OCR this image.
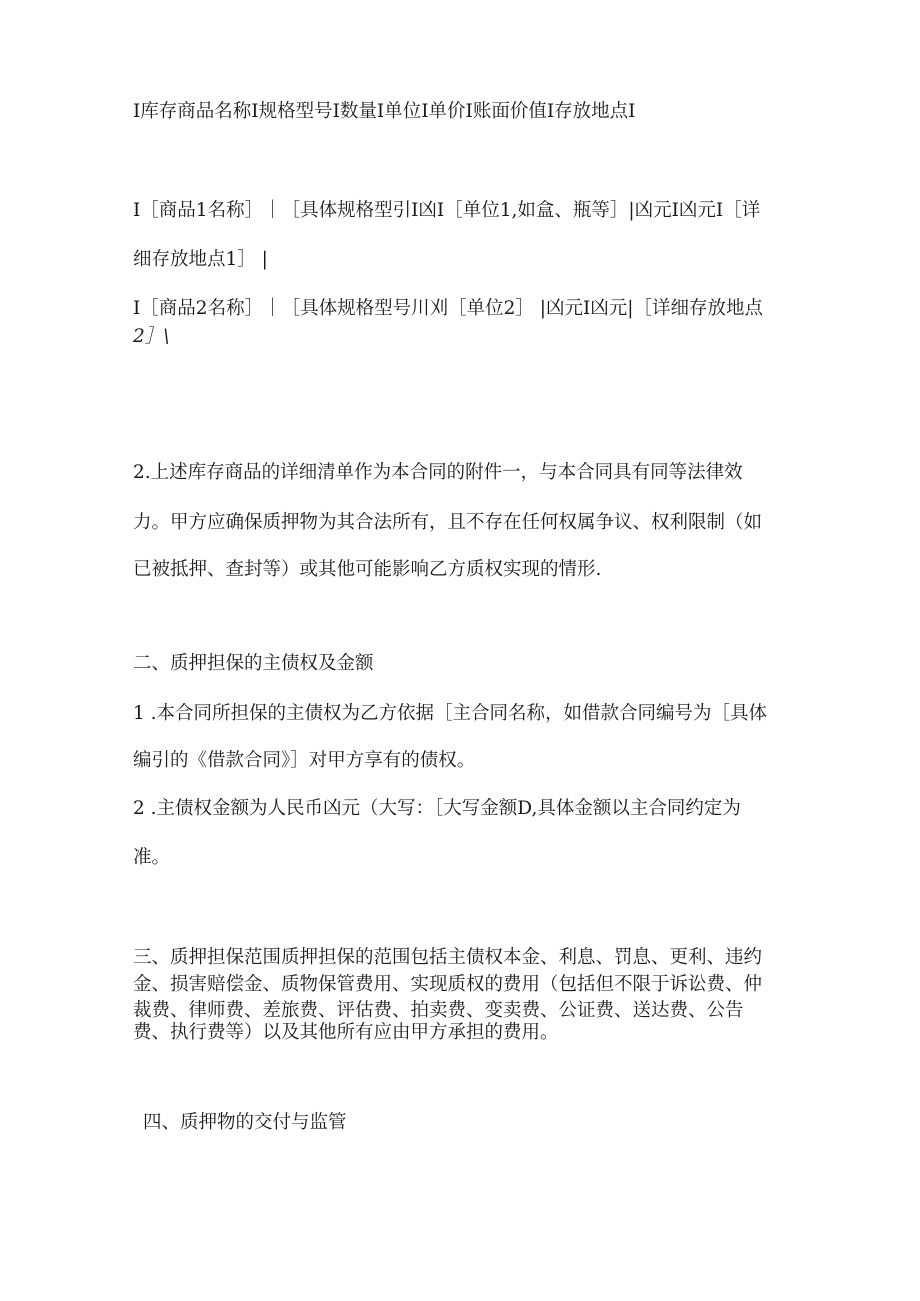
I库存商品名称I规格型号I数量I单位I单价I账面价值I存放地点I
I［商品1名称］｜［具体规格型引I凶I［单位1,如盒、瓶等］|凶元I凶元I［详
细存放地点1］ |
I［商品2名称］｜［具体规格型号川刈［单位2］ |凶元I凶元|［详细存放地点
2］\
2.上述库存商品的详细清单作为本合同的附件一，与本合同具有同等法律效
力。甲方应确保质押物为其合法所有，且不存在任何权属争议、权利限制（如
已被抵押、查封等）或其他可能影响乙方质权实现的情形.
二、质押担保的主债权及金额
1 .本合同所担保的主债权为乙方依据［主合同名称，如借款合同编号为［具体
编引的《借款合同》］对甲方享有的债权。
2 .主债权金额为人民币凶元（大写：［大写金额D,具体金额以主合同约定为
准。
三、质押担保范围质押担保的范围包括主债权本金、利息、罚息、更利、违约
金、损害赔偿金、质物保管费用、实现质权的费用（包括但不限于诉讼费、仲
裁费、律师费、差旅费、评估费、拍卖费、变卖费、公证费、送达费、公告
费、执行费等）以及其他所有应由甲方承担的费用。
四、质押物的交付与监管
